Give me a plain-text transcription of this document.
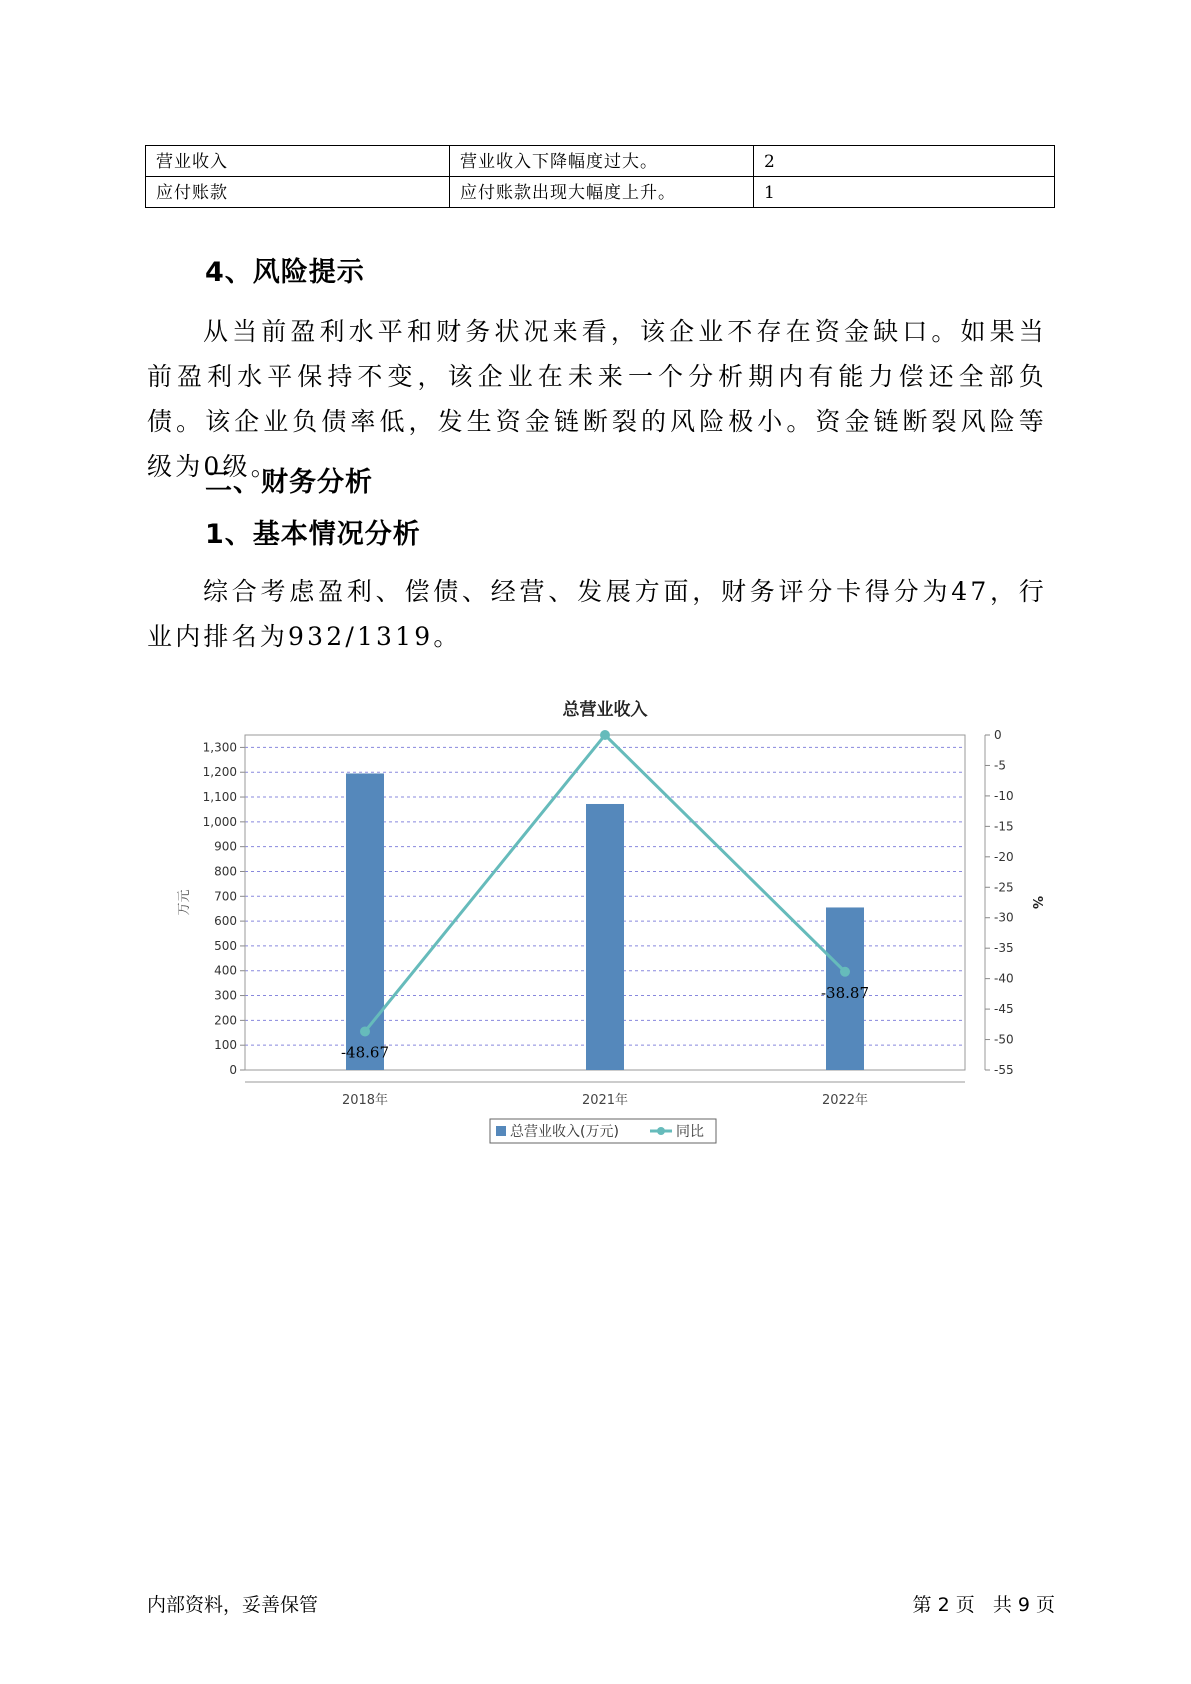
营业收入	营业收入下降幅度过大。	2
应付账款	应付账款出现大幅度上升。	1
4、风险提示

从当前盈利水平和财务状况来看，该企业不存在资金缺口。如果当前盈利水平保持不变，该企业在未来一个分析期内有能力偿还全部负债。该企业负债率低，发生资金链断裂的风险极小。资金链断裂风险等级为0级。

二、财务分析
1、基本情况分析

综合考虑盈利、偿债、经营、发展方面，财务评分卡得分为47，行业内排名为932/1319。

总营业收入
0
100
200
300
400
500
600
700
800
900
1,000
1,100
1,200
1,300
0
-5
-10
-15
-20
-25
-30
-35
-40
-45
-50
-55
万元	%
2018年	2021年	2022年
-48.67
-38.87
总营业收入(万元)	同比
内部资料，妥善保管	第 2 页   共 9 页
